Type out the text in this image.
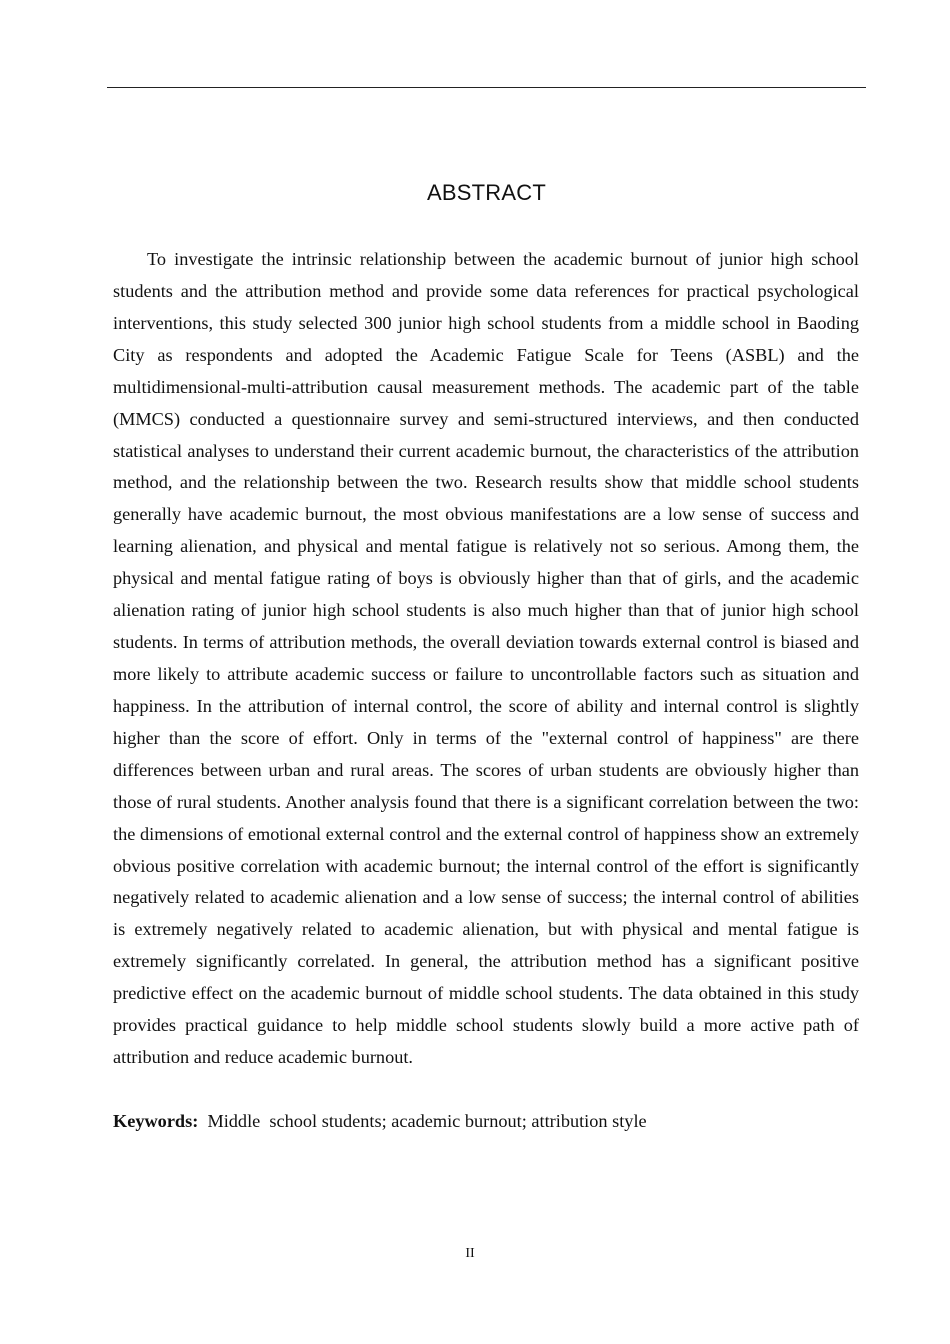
ABSTRACT

To investigate the intrinsic relationship between the academic burnout of junior high school students and the attribution method and provide some data references for practical psychological interventions, this study selected 300 junior high school students from a middle school in Baoding City as respondents and adopted the Academic Fatigue Scale for Teens (ASBL) and the multidimensional-multi-attribution causal measurement methods. The academic part of the table (MMCS) conducted a questionnaire survey and semi-structured interviews, and then conducted statistical analyses to understand their current academic burnout, the characteristics of the attribution method, and the relationship between the two. Research results show that middle school students generally have academic burnout, the most obvious manifestations are a low sense of success and learning alienation, and physical and mental fatigue is relatively not so serious. Among them, the physical and mental fatigue rating of boys is obviously higher than that of girls, and the academic alienation rating of junior high school students is also much higher than that of junior high school students. In terms of attribution methods, the overall deviation towards external control is biased and more likely to attribute academic success or failure to uncontrollable factors such as situation and happiness. In the attribution of internal control, the score of ability and internal control is slightly higher than the score of effort. Only in terms of the "external control of happiness" are there differences between urban and rural areas. The scores of urban students are obviously higher than those of rural students. Another analysis found that there is a significant correlation between the two: the dimensions of emotional external control and the external control of happiness show an extremely obvious positive correlation with academic burnout; the internal control of the effort is significantly negatively related to academic alienation and a low sense of success; the internal control of abilities is extremely negatively related to academic alienation, but with physical and mental fatigue is extremely significantly correlated. In general, the attribution method has a significant positive predictive effect on the academic burnout of middle school students. The data obtained in this study provides practical guidance to help middle school students slowly build a more active path of attribution and reduce academic burnout.

Keywords: Middle  school students; academic burnout; attribution style

II
